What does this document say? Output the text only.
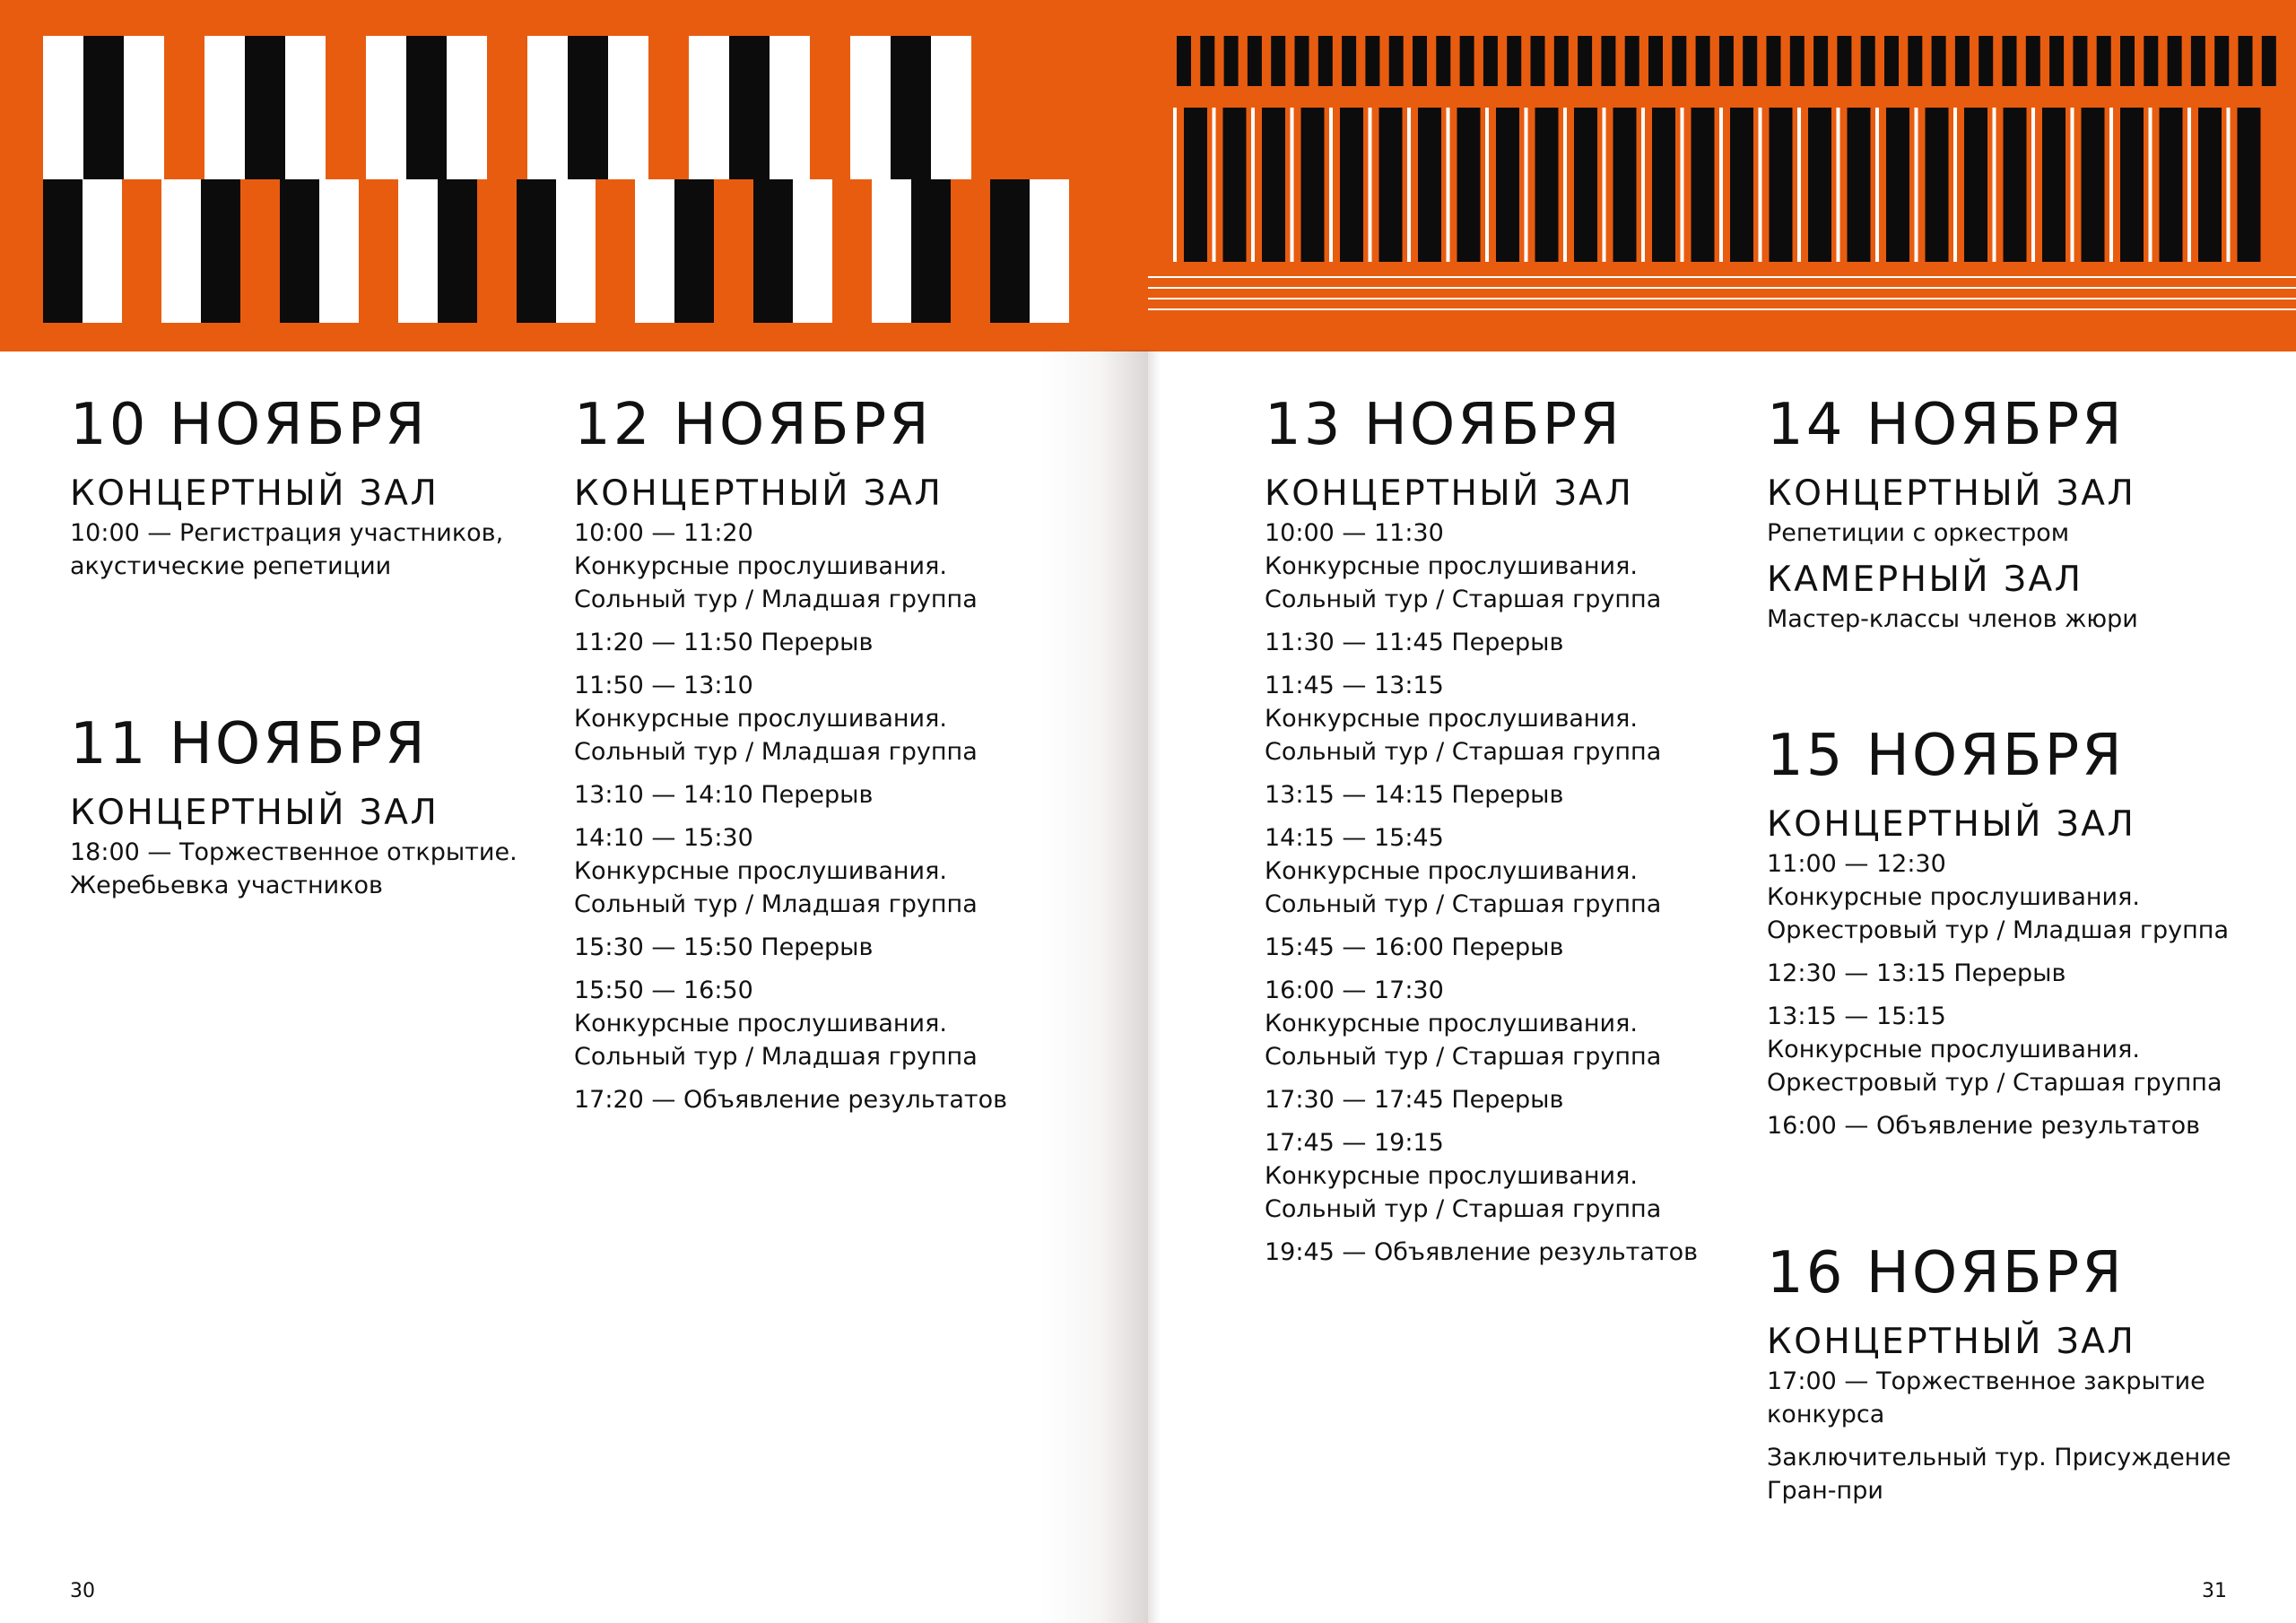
10 НОЯБРЯ
КОНЦЕРТНЫЙ ЗАЛ
10:00 — Регистрация участников,
акустические репетиции
11 НОЯБРЯ
КОНЦЕРТНЫЙ ЗАЛ
18:00 — Торжественное открытие.
Жеребьевка участников
12 НОЯБРЯ
КОНЦЕРТНЫЙ ЗАЛ
10:00 — 11:20
Конкурсные прослушивания.
Сольный тур / Младшая группа
11:20 — 11:50 Перерыв
11:50 — 13:10
Конкурсные прослушивания.
Сольный тур / Младшая группа
13:10 — 14:10 Перерыв
14:10 — 15:30
Конкурсные прослушивания.
Сольный тур / Младшая группа
15:30 — 15:50 Перерыв
15:50 — 16:50
Конкурсные прослушивания.
Сольный тур / Младшая группа
17:20 — Объявление результатов
30
13 НОЯБРЯ
КОНЦЕРТНЫЙ ЗАЛ
10:00 — 11:30
Конкурсные прослушивания.
Сольный тур / Старшая группа
11:30 — 11:45 Перерыв
11:45 — 13:15
Конкурсные прослушивания.
Сольный тур / Старшая группа
13:15 — 14:15 Перерыв
14:15 — 15:45
Конкурсные прослушивания.
Сольный тур / Старшая группа
15:45 — 16:00 Перерыв
16:00 — 17:30
Конкурсные прослушивания.
Сольный тур / Старшая группа
17:30 — 17:45 Перерыв
17:45 — 19:15
Конкурсные прослушивания.
Сольный тур / Старшая группа
19:45 — Объявление результатов
14 НОЯБРЯ
КОНЦЕРТНЫЙ ЗАЛ
Репетиции с оркестром
КАМЕРНЫЙ ЗАЛ
Мастер-классы членов жюри
15 НОЯБРЯ
КОНЦЕРТНЫЙ ЗАЛ
11:00 — 12:30
Конкурсные прослушивания.
Оркестровый тур / Младшая группа
12:30 — 13:15 Перерыв
13:15 — 15:15
Конкурсные прослушивания.
Оркестровый тур / Старшая группа
16:00 — Объявление результатов
16 НОЯБРЯ
КОНЦЕРТНЫЙ ЗАЛ
17:00 — Торжественное закрытие
конкурса
Заключительный тур. Присуждение
Гран-при
31
